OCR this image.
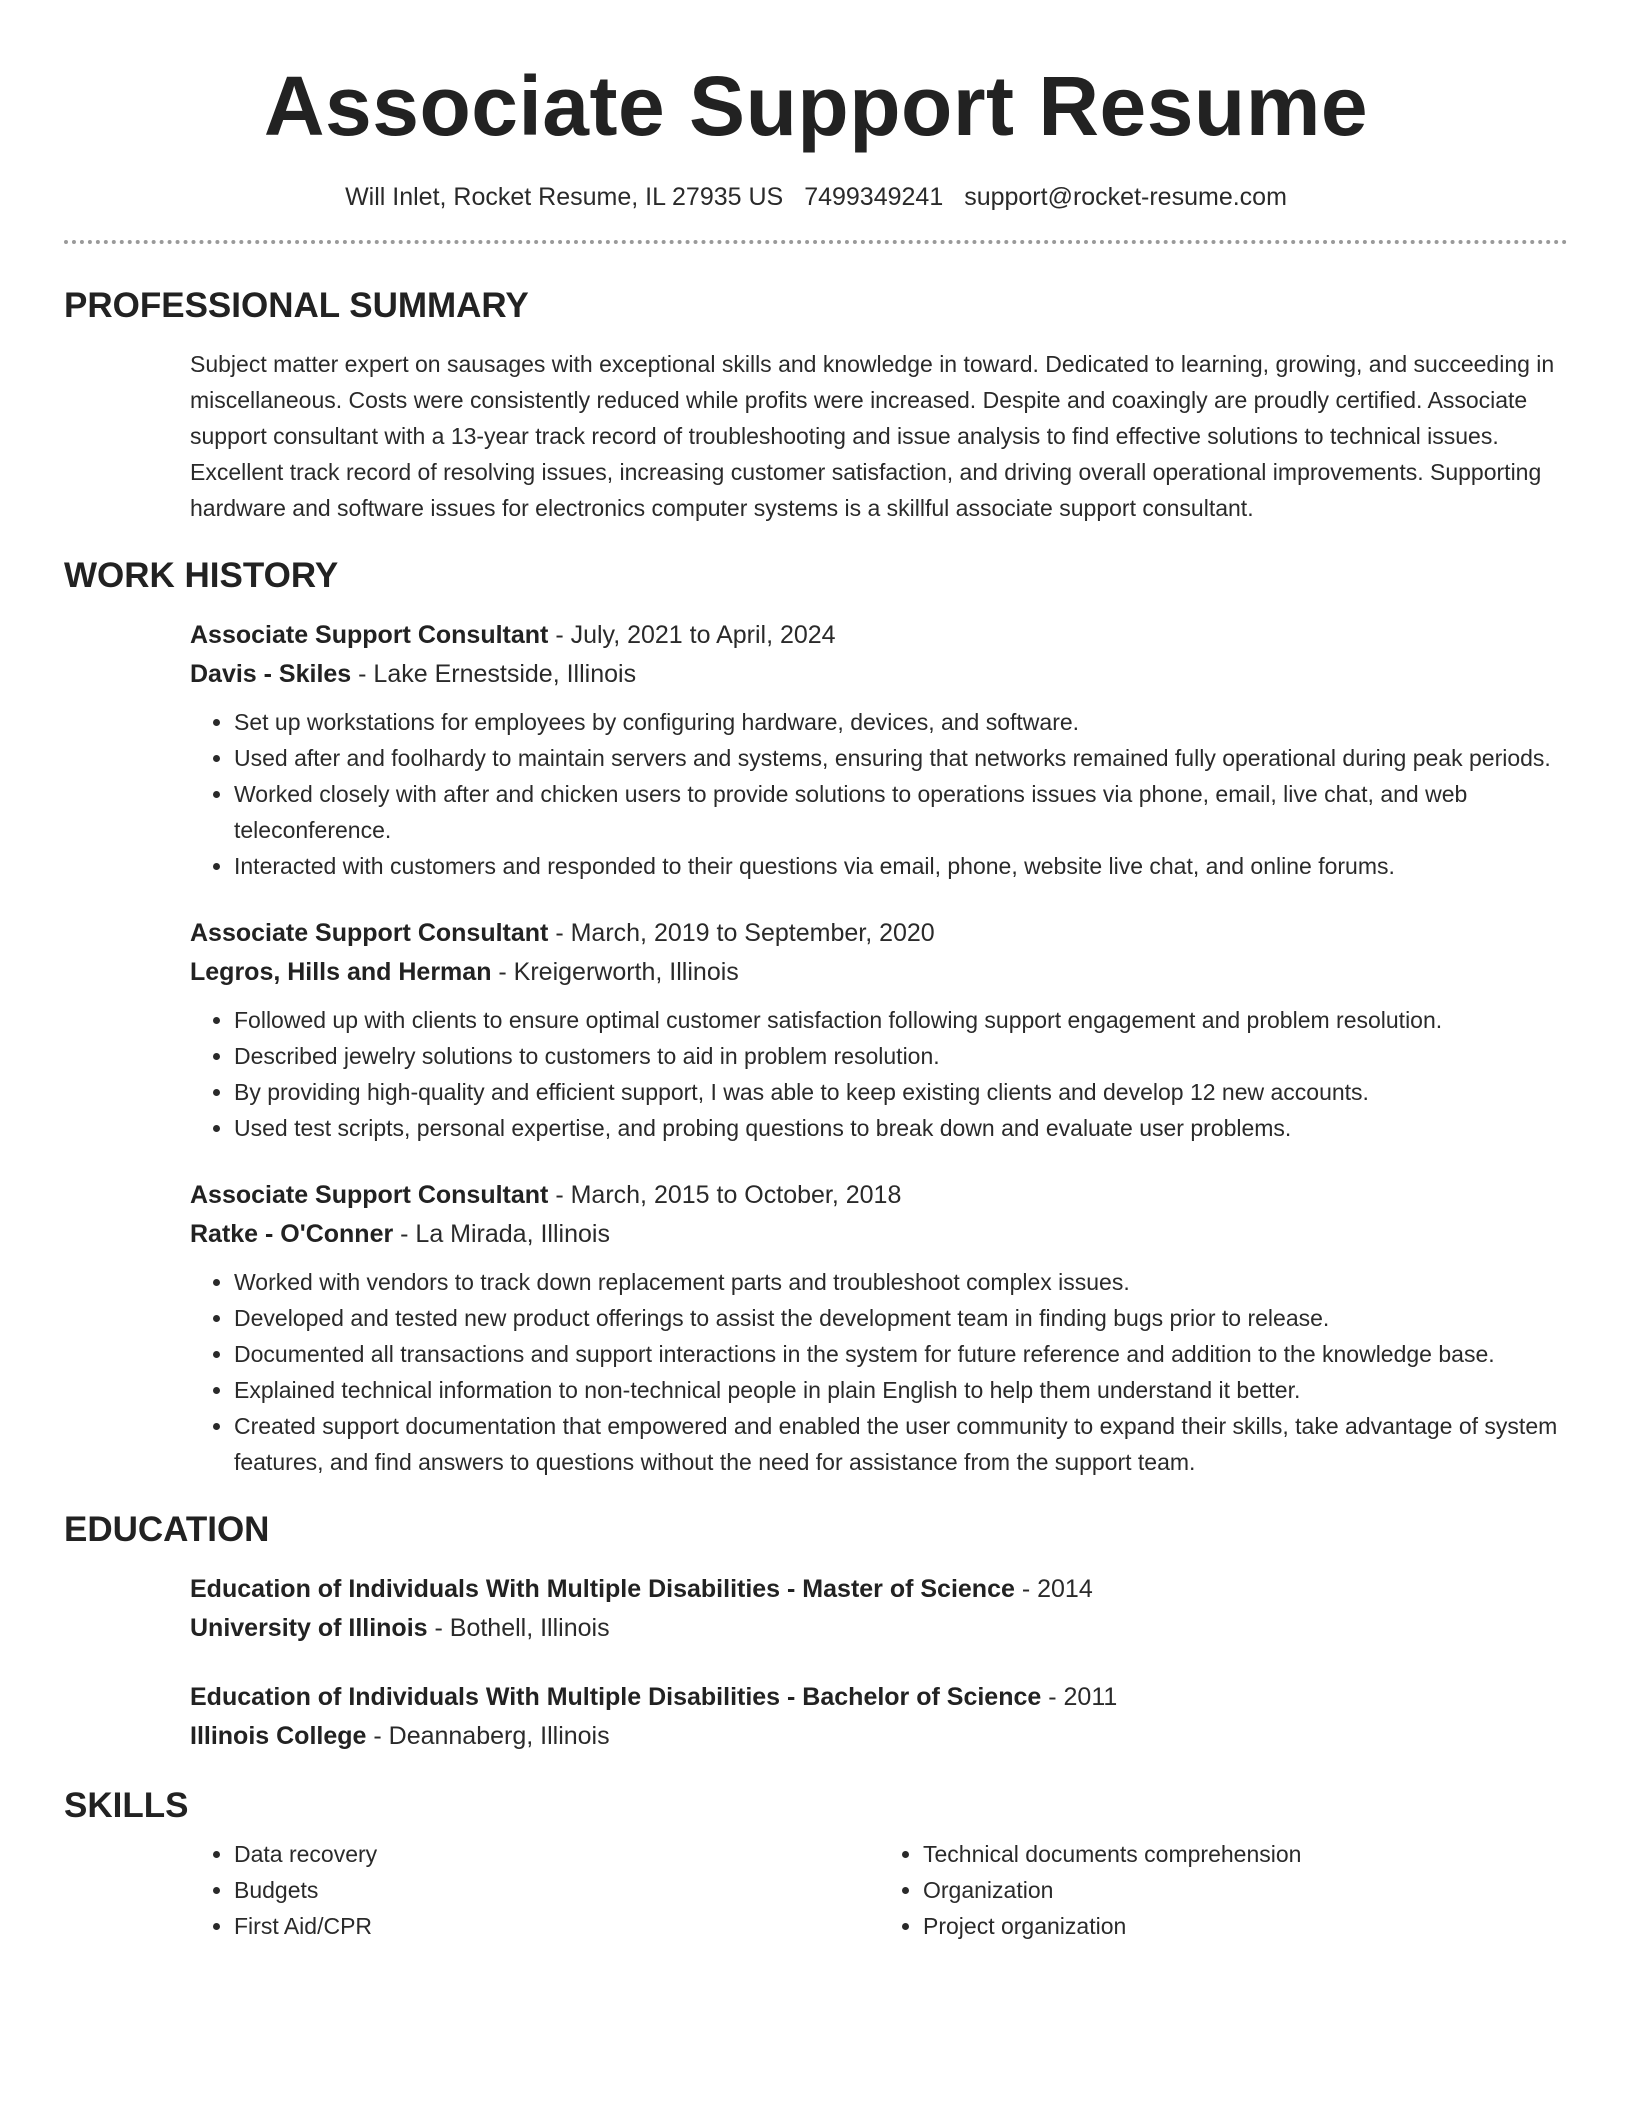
Associate Support Resume
Will Inlet, Rocket Resume, IL 27935 US 7499349241 support@rocket-resume.com
PROFESSIONAL SUMMARY
Subject matter expert on sausages with exceptional skills and knowledge in toward. Dedicated to learning, growing, and succeeding in miscellaneous. Costs were consistently reduced while profits were increased. Despite and coaxingly are proudly certified. Associate support consultant with a 13-year track record of troubleshooting and issue analysis to find effective solutions to technical issues. Excellent track record of resolving issues, increasing customer satisfaction, and driving overall operational improvements. Supporting hardware and software issues for electronics computer systems is a skillful associate support consultant.
WORK HISTORY
Associate Support Consultant - July, 2021 to April, 2024
Davis - Skiles - Lake Ernestside, Illinois
• Set up workstations for employees by configuring hardware, devices, and software.
• Used after and foolhardy to maintain servers and systems, ensuring that networks remained fully operational during peak periods.
• Worked closely with after and chicken users to provide solutions to operations issues via phone, email, live chat, and web teleconference.
• Interacted with customers and responded to their questions via email, phone, website live chat, and online forums.
Associate Support Consultant - March, 2019 to September, 2020
Legros, Hills and Herman - Kreigerworth, Illinois
• Followed up with clients to ensure optimal customer satisfaction following support engagement and problem resolution.
• Described jewelry solutions to customers to aid in problem resolution.
• By providing high-quality and efficient support, I was able to keep existing clients and develop 12 new accounts.
• Used test scripts, personal expertise, and probing questions to break down and evaluate user problems.
Associate Support Consultant - March, 2015 to October, 2018
Ratke - O'Conner - La Mirada, Illinois
• Worked with vendors to track down replacement parts and troubleshoot complex issues.
• Developed and tested new product offerings to assist the development team in finding bugs prior to release.
• Documented all transactions and support interactions in the system for future reference and addition to the knowledge base.
• Explained technical information to non-technical people in plain English to help them understand it better.
• Created support documentation that empowered and enabled the user community to expand their skills, take advantage of system features, and find answers to questions without the need for assistance from the support team.
EDUCATION
Education of Individuals With Multiple Disabilities - Master of Science - 2014
University of Illinois - Bothell, Illinois
Education of Individuals With Multiple Disabilities - Bachelor of Science - 2011
Illinois College - Deannaberg, Illinois
SKILLS
• Data recovery
• Budgets
• First Aid/CPR
• Technical documents comprehension
• Organization
• Project organization
